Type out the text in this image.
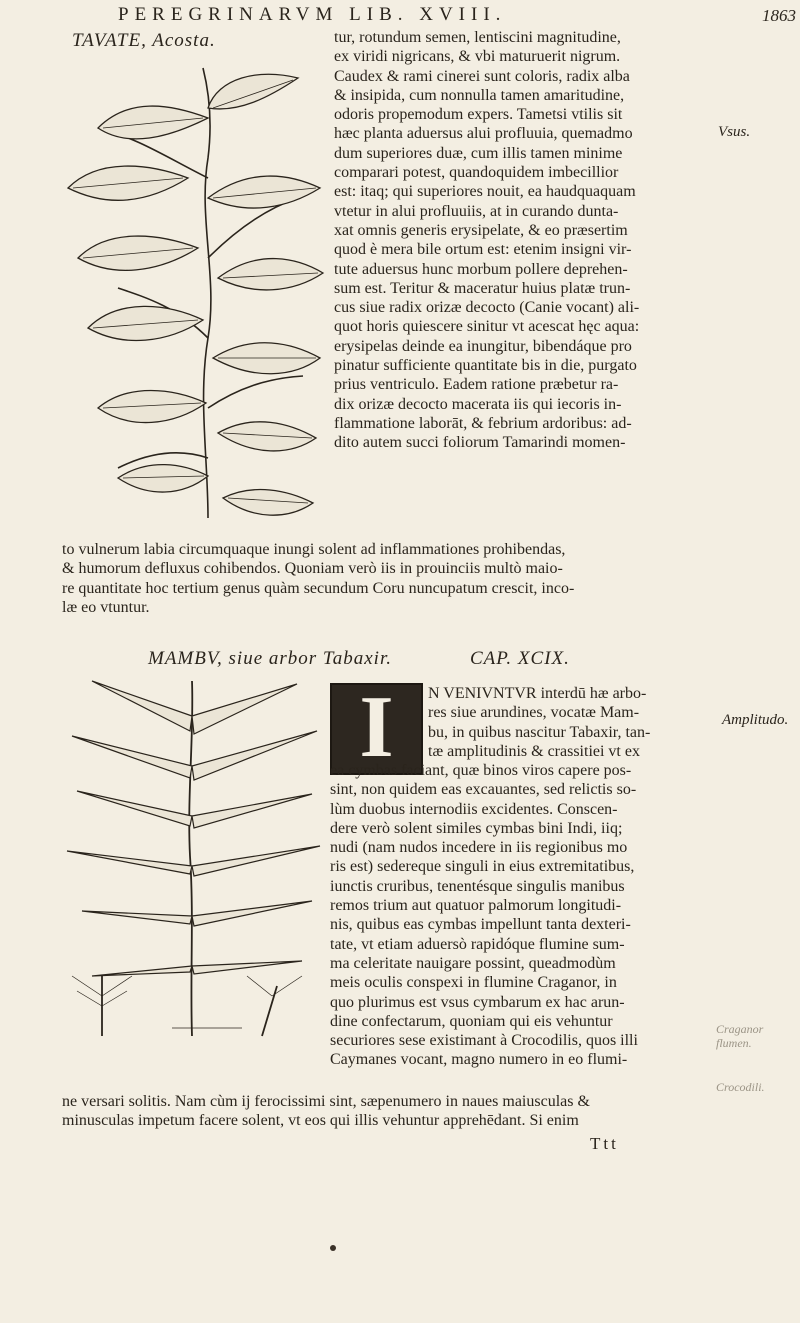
PEREGRINARVM LIB. XVIII.	1863
TAVATE, Acosta.	tur, rotundum semen, lentiscini magnitudine,
ex viridi nigricans, & vbi maturuerit nigrum.
Caudex & rami cinerei sunt coloris, radix alba
& insipida, cum nonnulla tamen amaritudine,
odoris propemodum expers. Tametsi vtilis sit
hæc planta aduersus alui profluuia, quemadmo
dum superiores duæ, cum illis tamen minime
comparari potest, quandoquidem imbecillior
est: itaq; qui superiores nouit, ea haudquaquam
vtetur in alui profluuiis, at in curando dunta-
xat omnis generis erysipelate, & eo præsertim
quod è mera bile ortum est: etenim insigni vir-
tute aduersus hunc morbum pollere deprehen-
sum est. Teritur & maceratur huius platæ trun-
cus siue radix orizæ decocto (Canie vocant) ali-
quot horis quiescere sinitur vt acescat hęc aqua:
erysipelas deinde ea inungitur, bibendáque pro
pinatur sufficiente quantitate bis in die, purgato
prius ventriculo. Eadem ratione præbetur ra-
dix orizæ decocto macerata iis qui iecoris in-
flammatione laborāt, & febrium ardoribus: ad-
dito autem succi foliorum Tamarindi momen-
Vsus.
to vulnerum labia circumquaque inungi solent ad inflammationes prohibendas,
& humorum defluxus cohibendos. Quoniam verò iis in prouinciis multò maio-
re quantitate hoc tertium genus quàm secundum Coru nuncupatum crescit, inco-
læ eo vtuntur.
MAMBV, siue arbor Tabaxir.	CAP. XCIX.
I	N VENIVNTVR interdū hæ arbo-
res siue arundines, vocatæ Mam-
bu, in quibus nascitur Tabaxir, tan-
tæ amplitudinis & crassitiei vt ex
ea cymbas faciant, quæ binos viros capere pos-
sint, non quidem eas excauantes, sed relictis so-
lùm duobus internodiis excidentes. Conscen-
dere verò solent similes cymbas bini Indi, iiq;
nudi (nam nudos incedere in iis regionibus mo
ris est) sedereque singuli in eius extremitatibus,
iunctis cruribus, tenentésque singulis manibus
remos trium aut quatuor palmorum longitudi-
nis, quibus eas cymbas impellunt tanta dexteri-
tate, vt etiam aduersò rapidóque flumine sum-
ma celeritate nauigare possint, queadmodùm
meis oculis conspexi in flumine Craganor, in
quo plurimus est vsus cymbarum ex hac arun-
dine confectarum, quoniam qui eis vehuntur
securiores sese existimant à Crocodilis, quos illi
Caymanes vocant, magno numero in eo flumi-
Amplitudo.
Craganor flumen.
Crocodili.
ne versari solitis. Nam cùm ij ferocissimi sint, sæpenumero in naues maiusculas &
minusculas impetum facere solent, vt eos qui illis vehuntur apprehēdant. Si enim
Ttt
